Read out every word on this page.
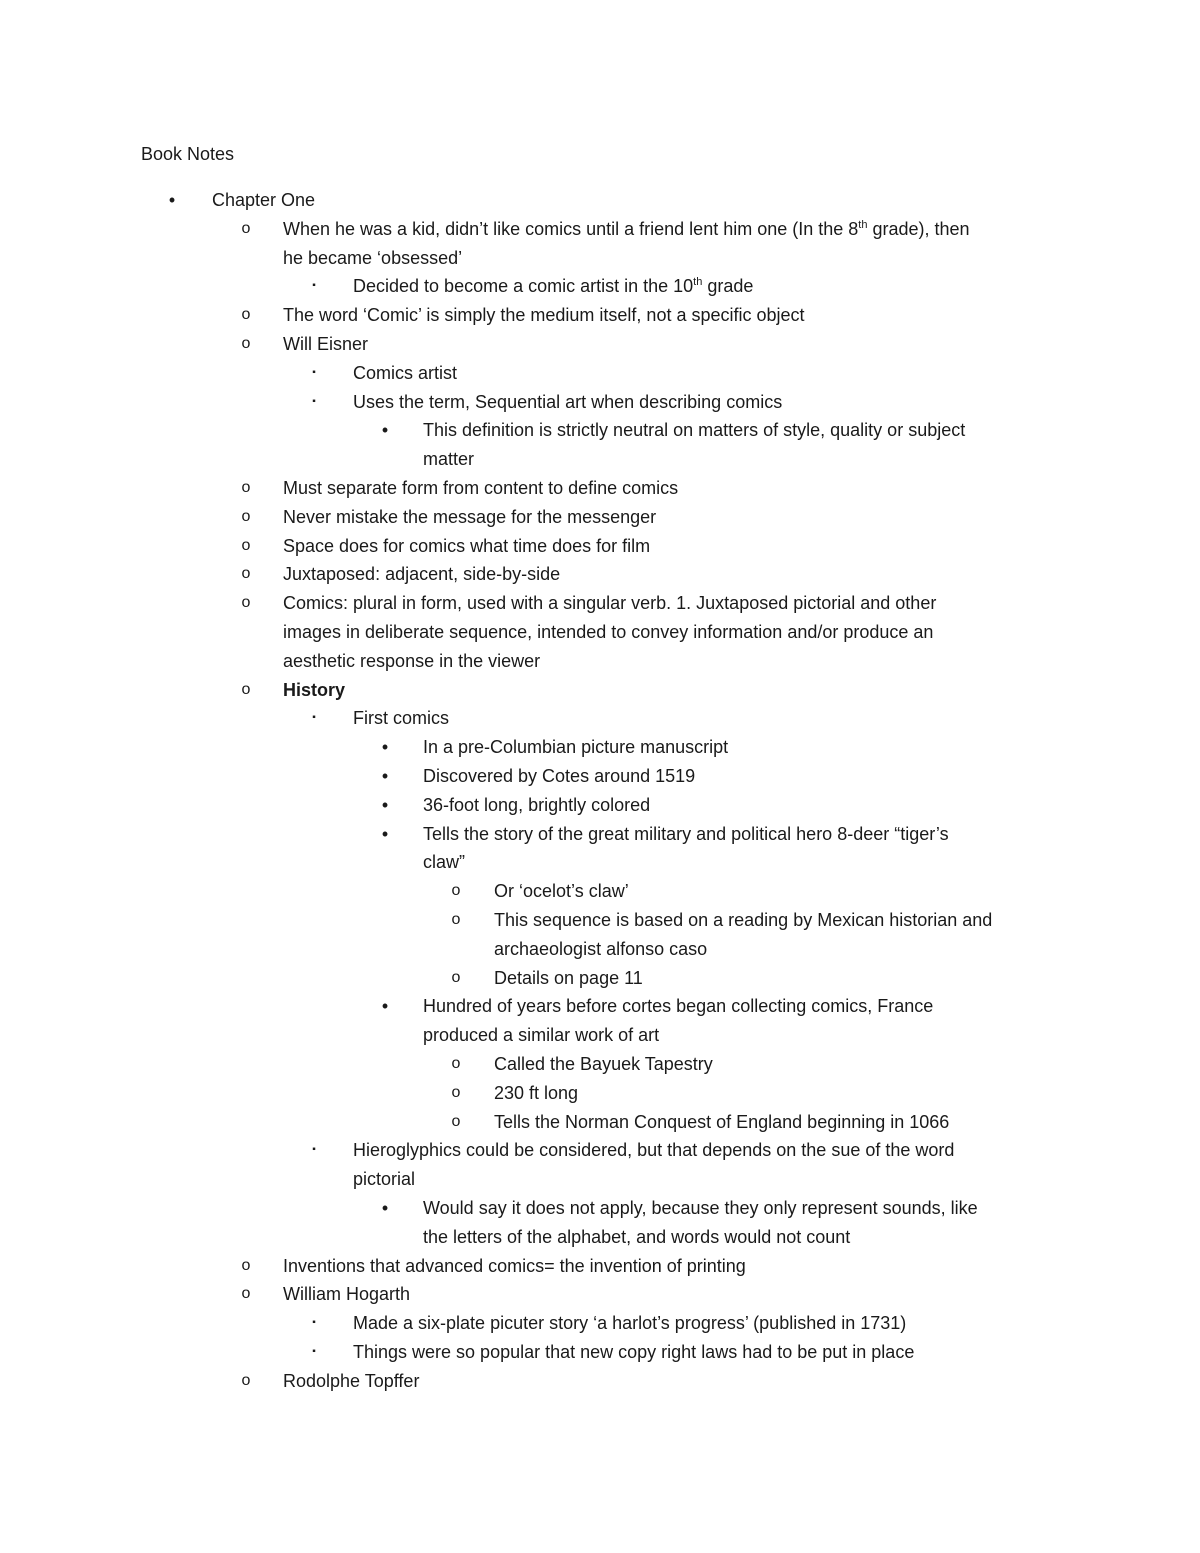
Book Notes
• Chapter One
o When he was a kid, didn’t like comics until a friend lent him one (In the 8th grade), then
he became ‘obsessed’
▪	Decided to become a comic artist in the 10th grade
o The word ‘Comic’ is simply the medium itself, not a specific object
o Will Eisner
▪	Comics artist
▪	Uses the term, Sequential art when describing comics
• This definition is strictly neutral on matters of style, quality or subject
matter
o Must separate form from content to define comics
o Never mistake the message for the messenger
o Space does for comics what time does for film
o Juxtaposed: adjacent, side-by-side
o Comics: plural in form, used with a singular verb. 1. Juxtaposed pictorial and other
images in deliberate sequence, intended to convey information and/or produce an
aesthetic response in the viewer
o History
▪	First comics
• In a pre-Columbian picture manuscript
• Discovered by Cotes around 1519
• 36-foot long, brightly colored
• Tells the story of the great military and political hero 8-deer “tiger’s
claw”
o Or ‘ocelot’s claw’
o This sequence is based on a reading by Mexican historian and
archaeologist alfonso caso
o Details on page 11
• Hundred of years before cortes began collecting comics, France
produced a similar work of art
o Called the Bayuek Tapestry
o 230 ft long
o Tells the Norman Conquest of England beginning in 1066
▪	Hieroglyphics could be considered, but that depends on the sue of the word
pictorial
• Would say it does not apply, because they only represent sounds, like
the letters of the alphabet, and words would not count
o Inventions that advanced comics= the invention of printing
o William Hogarth
▪	Made a six-plate picuter story ‘a harlot’s progress’ (published in 1731)
▪	Things were so popular that new copy right laws had to be put in place
o Rodolphe Topffer
